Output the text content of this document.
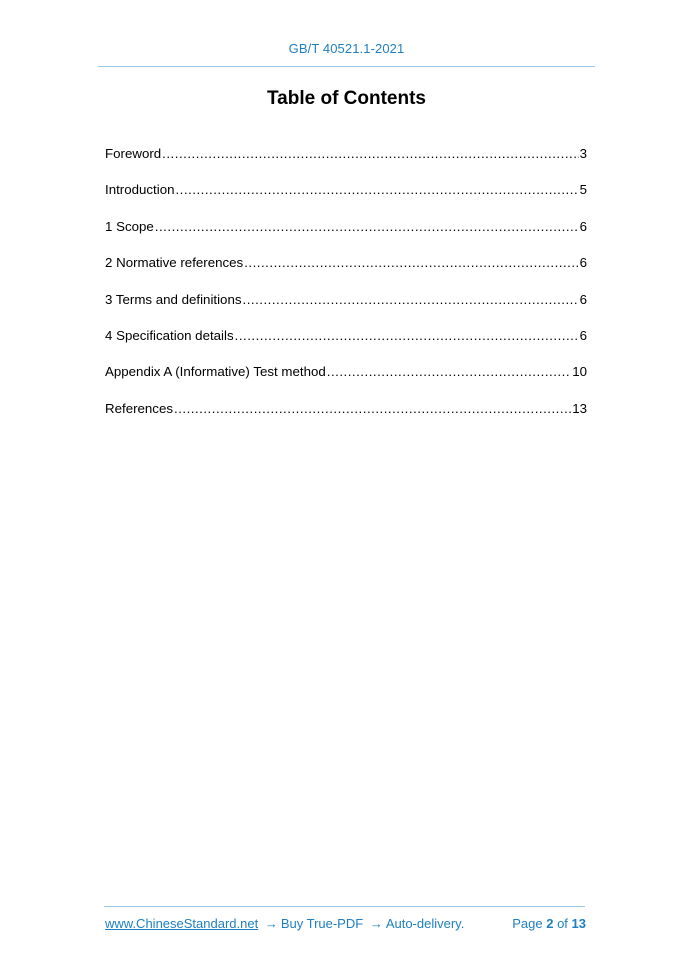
GB/T 40521.1-2021
Table of Contents
Foreword .....	3
Introduction .....	5
1 Scope .....	6
2 Normative references .....	6
3 Terms and definitions .....	6
4 Specification details .....	6
Appendix A (Informative) Test method .....	10
References .....	13
www.ChineseStandard.net → Buy True-PDF → Auto-delivery.	Page 2 of 13
